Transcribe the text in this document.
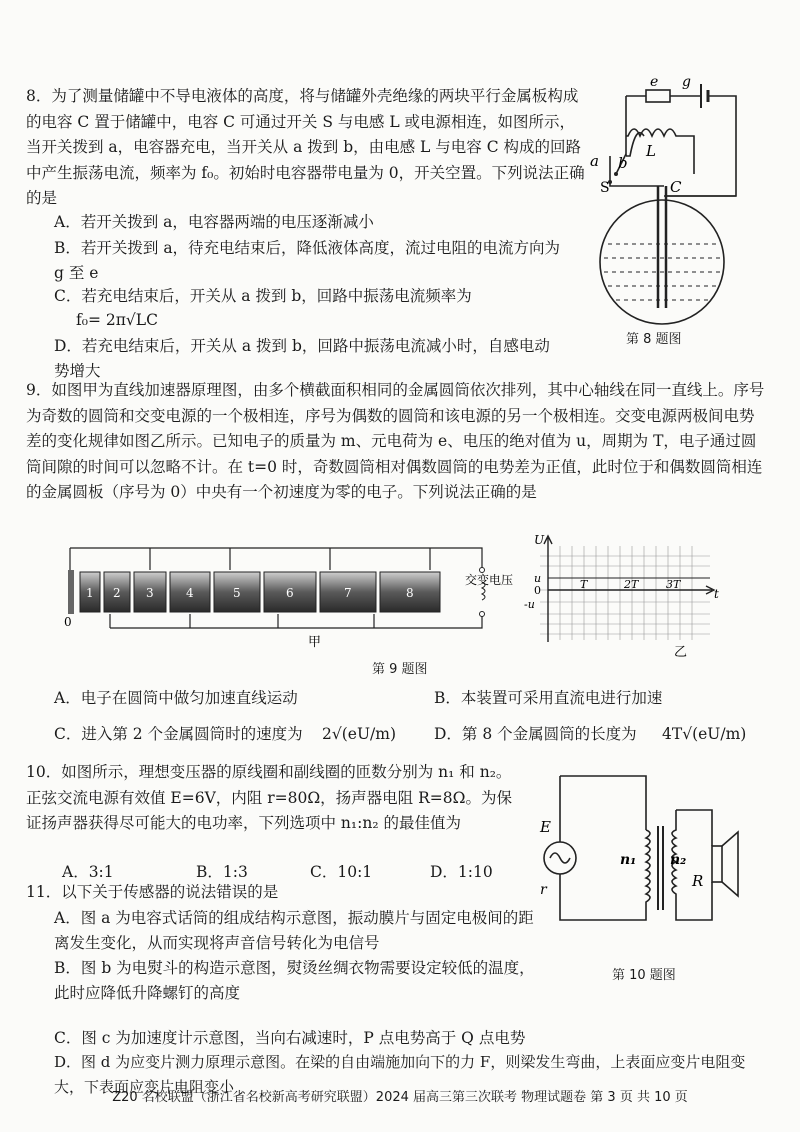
8．为了测量储罐中不导电液体的高度，将与储罐外壳绝缘的两块平行金属板构成的电容 C 置于储罐中，电容 C 可通过开关 S 与电感 L 或电源相连，如图所示，当开关拨到 a，电容器充电，当开关从 a 拨到 b，由电感 L 与电容 C 构成的回路中产生振荡电流，频率为 f₀。初始时电容器带电量为 0，开关空置。下列说法正确的是
A．若开关拨到 a，电容器两端的电压逐渐减小
B．若开关拨到 a，待充电结束后，降低液体高度，流过电阻的电流方向为 g 至 e
C．若充电结束后，开关从 a 拨到 b，回路中振荡电流频率为
f₀= 2π√LC
D．若充电结束后，开关从 a 拨到 b，回路中振荡电流减小时，自感电动势增大
e g
L
a b
S	C
第 8 题图
9．如图甲为直线加速器原理图，由多个横截面积相同的金属圆筒依次排列，其中心轴线在同一直线上。序号为奇数的圆筒和交变电源的一个极相连，序号为偶数的圆筒和该电源的另一个极相连。交变电源两极间电势差的变化规律如图乙所示。已知电子的质量为 m、元电荷为 e、电压的绝对值为 u，周期为 T，电子通过圆筒间隙的时间可以忽略不计。在 t=0 时，奇数圆筒相对偶数圆筒的电势差为正值，此时位于和偶数圆筒相连的金属圆板（序号为 0）中央有一个初速度为零的电子。下列说法正确的是
1 2 3	4	5	6	7	8
0
交变电压
甲
U
t
u
0
-u
T	2T	3T
乙
第 9 题图
A．电子在圆筒中做匀加速直线运动	B．本装置可采用直流电进行加速
C．进入第 2 个金属圆筒时的速度为 2√(eU/m) D．第 8 个金属圆筒的长度为 4T√(eU/m)
10．如图所示，理想变压器的原线圈和副线圈的匝数分别为 n₁ 和 n₂。正弦交流电源有效值 E=6V，内阻 r=80Ω，扬声器电阻 R=8Ω。为保证扬声器获得尽可能大的电功率，下列选项中 n₁:n₂ 的最佳值为
A．3:1	B．1:3	C．10:1	D．1:10
E
r
n₁ n₂
R
第 10 题图
11．以下关于传感器的说法错误的是
A．图 a 为电容式话筒的组成结构示意图，振动膜片与固定电极间的距离发生变化，从而实现将声音信号转化为电信号
B．图 b 为电熨斗的构造示意图，熨烫丝绸衣物需要设定较低的温度，此时应降低升降螺钉的高度
C．图 c 为加速度计示意图，当向右减速时，P 点电势高于 Q 点电势
D．图 d 为应变片测力原理示意图。在梁的自由端施加向下的力 F，则梁发生弯曲，上表面应变片电阻变大，下表面应变片电阻变小
Z20 名校联盟（浙江省名校新高考研究联盟）2024 届高三第三次联考 物理试题卷 第 3 页 共 10 页
